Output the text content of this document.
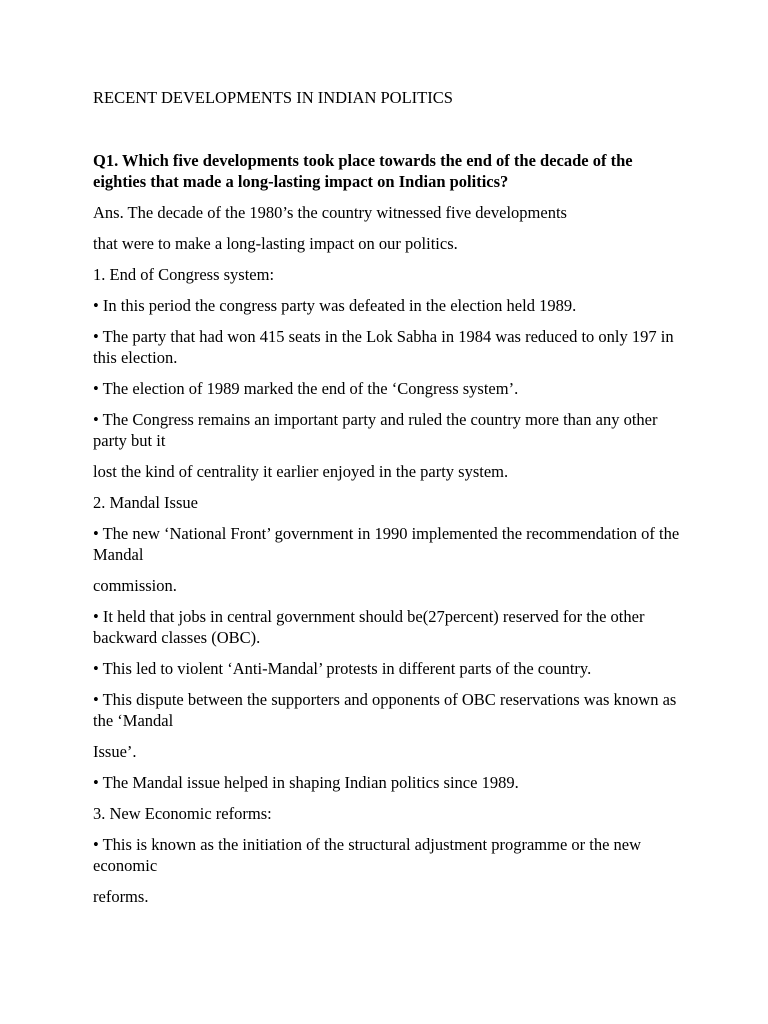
RECENT DEVELOPMENTS IN INDIAN POLITICS

Q1. Which five developments took place towards the end of the decade of the eighties that made a long-lasting impact on Indian politics?

Ans. The decade of the 1980’s the country witnessed five developments

that were to make a long-lasting impact on our politics.

1. End of Congress system:

• In this period the congress party was defeated in the election held 1989.

• The party that had won 415 seats in the Lok Sabha in 1984 was reduced to only 197 in this election.

• The election of 1989 marked the end of the ‘Congress system’.

• The Congress remains an important party and ruled the country more than any other party but it

lost the kind of centrality it earlier enjoyed in the party system.

2. Mandal Issue

• The new ‘National Front’ government in 1990 implemented the recommendation of the Mandal

commission.

• It held that jobs in central government should be(27percent) reserved for the other backward classes (OBC).

• This led to violent ‘Anti-Mandal’ protests in different parts of the country.

• This dispute between the supporters and opponents of OBC reservations was known as the ‘Mandal

Issue’.

• The Mandal issue helped in shaping Indian politics since 1989.

3. New Economic reforms:

• This is known as the initiation of the structural adjustment programme or the new economic

reforms.
